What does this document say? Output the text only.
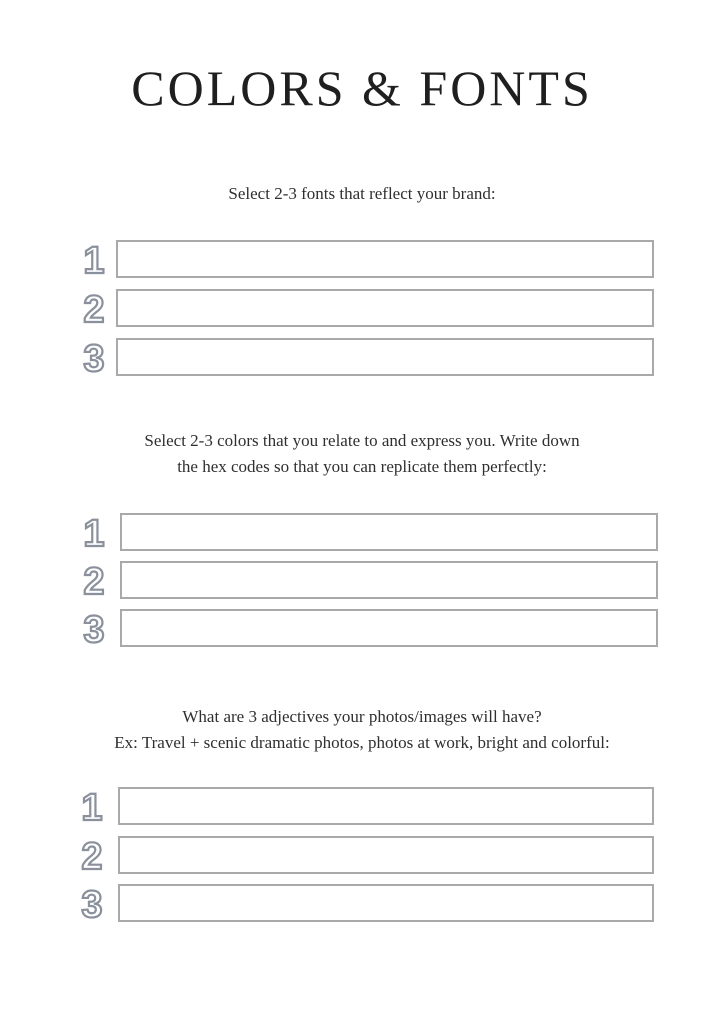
COLORS & FONTS
Select 2-3 fonts that reflect your brand:
1
2
3
Select 2-3 colors that you relate to and express you. Write down
the hex codes so that you can replicate them perfectly:
1
2
3
What are 3 adjectives your photos/images will have?
Ex: Travel + scenic dramatic photos, photos at work, bright and colorful:
1
2
3
